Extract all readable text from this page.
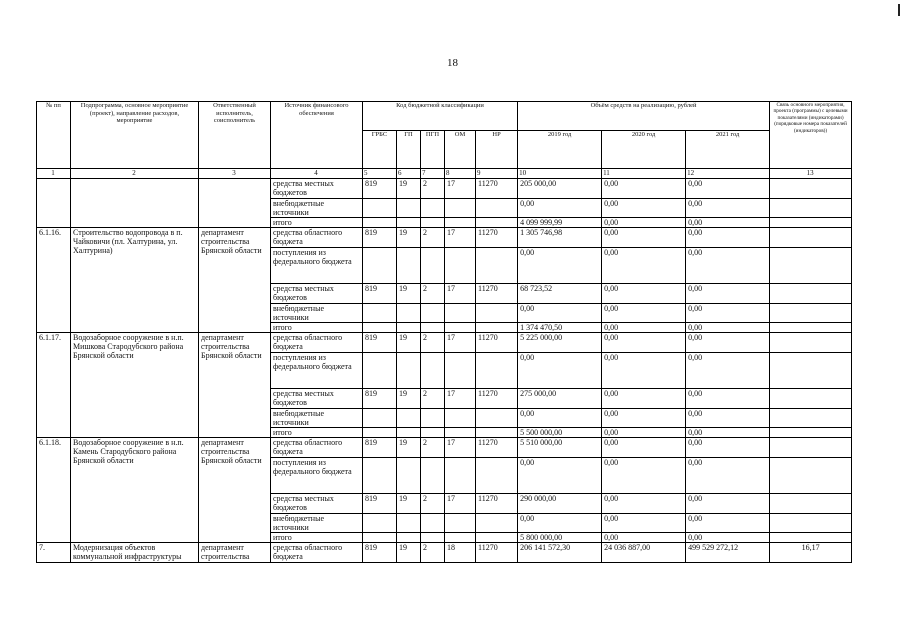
18
№ пп	Подпрограмма, основное мероприятие (проект), направление расходов, мероприятие	Ответственный исполнитель, соисполнитель	Источник финансового обеспечения	Код бюджетной классификации					Объём средств на реализацию, рублей			Связь основного мероприятия, проекта (программы) с целевыми показателями (индикаторами) (порядковые номера показателей (индикаторов))
				ГРБС	ГП	ПГП	ОМ	НР	2019 год	2020 год	2021 год	
1	2	3	4	5	6	7	8	9	10	11	12	13
			средства местных бюджетов	819	19	2	17	11270	205 000,00	0,00	0,00	
			внебюджетные источники						0,00	0,00	0,00	
			итого						4 099 999,99	0,00	0,00	
6.1.16.	Строительство водопровода в п. Чайковичи (пл. Халтурина, ул. Халтурина)	департамент строительства Брянской области	средства областного бюджета	819	19	2	17	11270	1 305 746,98	0,00	0,00	
			поступления из федерального бюджета						0,00	0,00	0,00	
			средства местных бюджетов	819	19	2	17	11270	68 723,52	0,00	0,00	
			внебюджетные источники						0,00	0,00	0,00	
			итого						1 374 470,50	0,00	0,00	
6.1.17.	Водозаборное сооружение в н.п. Мишкова Стародубского района Брянской области	департамент строительства Брянской области	средства областного бюджета	819	19	2	17	11270	5 225 000,00	0,00	0,00	
			поступления из федерального бюджета						0,00	0,00	0,00	
			средства местных бюджетов	819	19	2	17	11270	275 000,00	0,00	0,00	
			внебюджетные источники						0,00	0,00	0,00	
			итого						5 500 000,00	0,00	0,00	
6.1.18.	Водозаборное сооружение в н.п. Камень Стародубского района Брянской области	департамент строительства Брянской области	средства областного бюджета	819	19	2	17	11270	5 510 000,00	0,00	0,00	
			поступления из федерального бюджета						0,00	0,00	0,00	
			средства местных бюджетов	819	19	2	17	11270	290 000,00	0,00	0,00	
			внебюджетные источники						0,00	0,00	0,00	
			итого						5 800 000,00	0,00	0,00	
7.	Модернизация объектов коммунальной инфраструктуры	департамент строительства	средства областного бюджета	819	19	2	18	11270	206 141 572,30	24 036 887,00	499 529 272,12	16,17
